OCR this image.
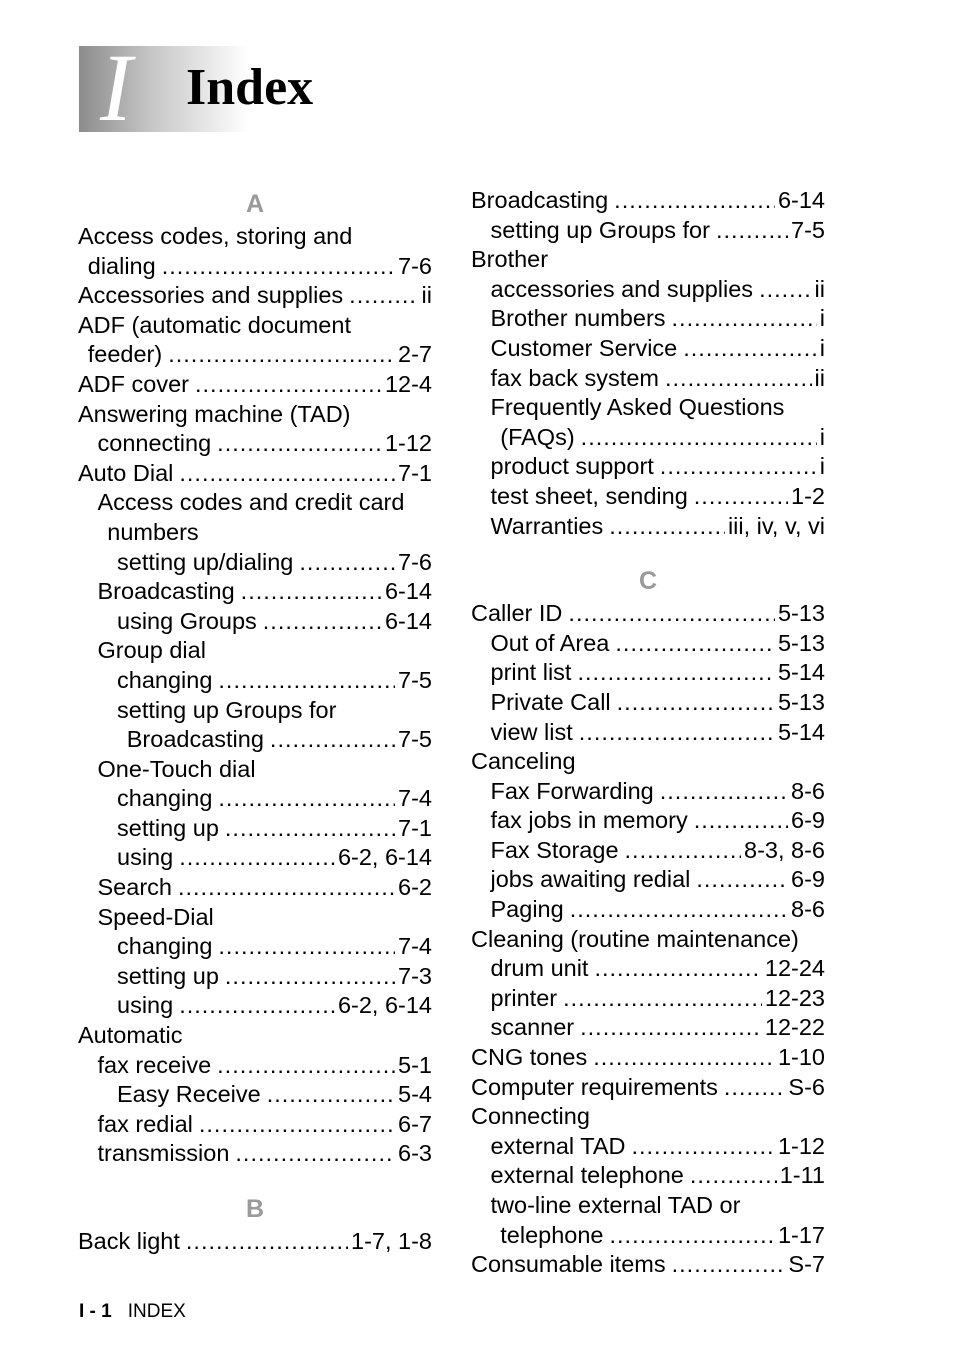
I Index
A
Access codes, storing and
dialing .....	7-6
Accessories and supplies .....	ii
ADF (automatic document
feeder) .....	2-7
ADF cover .....	12-4
Answering machine (TAD)
connecting .....	1-12
Auto Dial .....	7-1
Access codes and credit card
numbers
setting up/dialing .....	7-6
Broadcasting .....	6-14
using Groups .....	6-14
Group dial
changing .....	7-5
setting up Groups for
Broadcasting .....	7-5
One-Touch dial
changing .....	7-4
setting up .....	7-1
using .....	6-2, 6-14
Search .....	6-2
Speed-Dial
changing .....	7-4
setting up .....	7-3
using .....	6-2, 6-14
Automatic
fax receive .....	5-1
Easy Receive .....	5-4
fax redial .....	6-7
transmission .....	6-3
B
Back light .....	1-7, 1-8
Broadcasting .....	6-14
setting up Groups for .....	7-5
Brother
accessories and supplies .....	ii
Brother numbers .....	i
Customer Service .....	i
fax back system .....	ii
Frequently Asked Questions
(FAQs) .....	i
product support .....	i
test sheet, sending .....	1-2
Warranties .....	iii, iv, v, vi
C
Caller ID .....	5-13
Out of Area .....	5-13
print list .....	5-14
Private Call .....	5-13
view list .....	5-14
Canceling
Fax Forwarding .....	8-6
fax jobs in memory .....	6-9
Fax Storage .....	8-3, 8-6
jobs awaiting redial .....	6-9
Paging .....	8-6
Cleaning (routine maintenance)
drum unit .....	12-24
printer .....	12-23
scanner .....	12-22
CNG tones .....	1-10
Computer requirements .....	S-6
Connecting
external TAD .....	1-12
external telephone .....	1-11
two-line external TAD or
telephone .....	1-17
Consumable items .....	S-7
I - 1 INDEX
